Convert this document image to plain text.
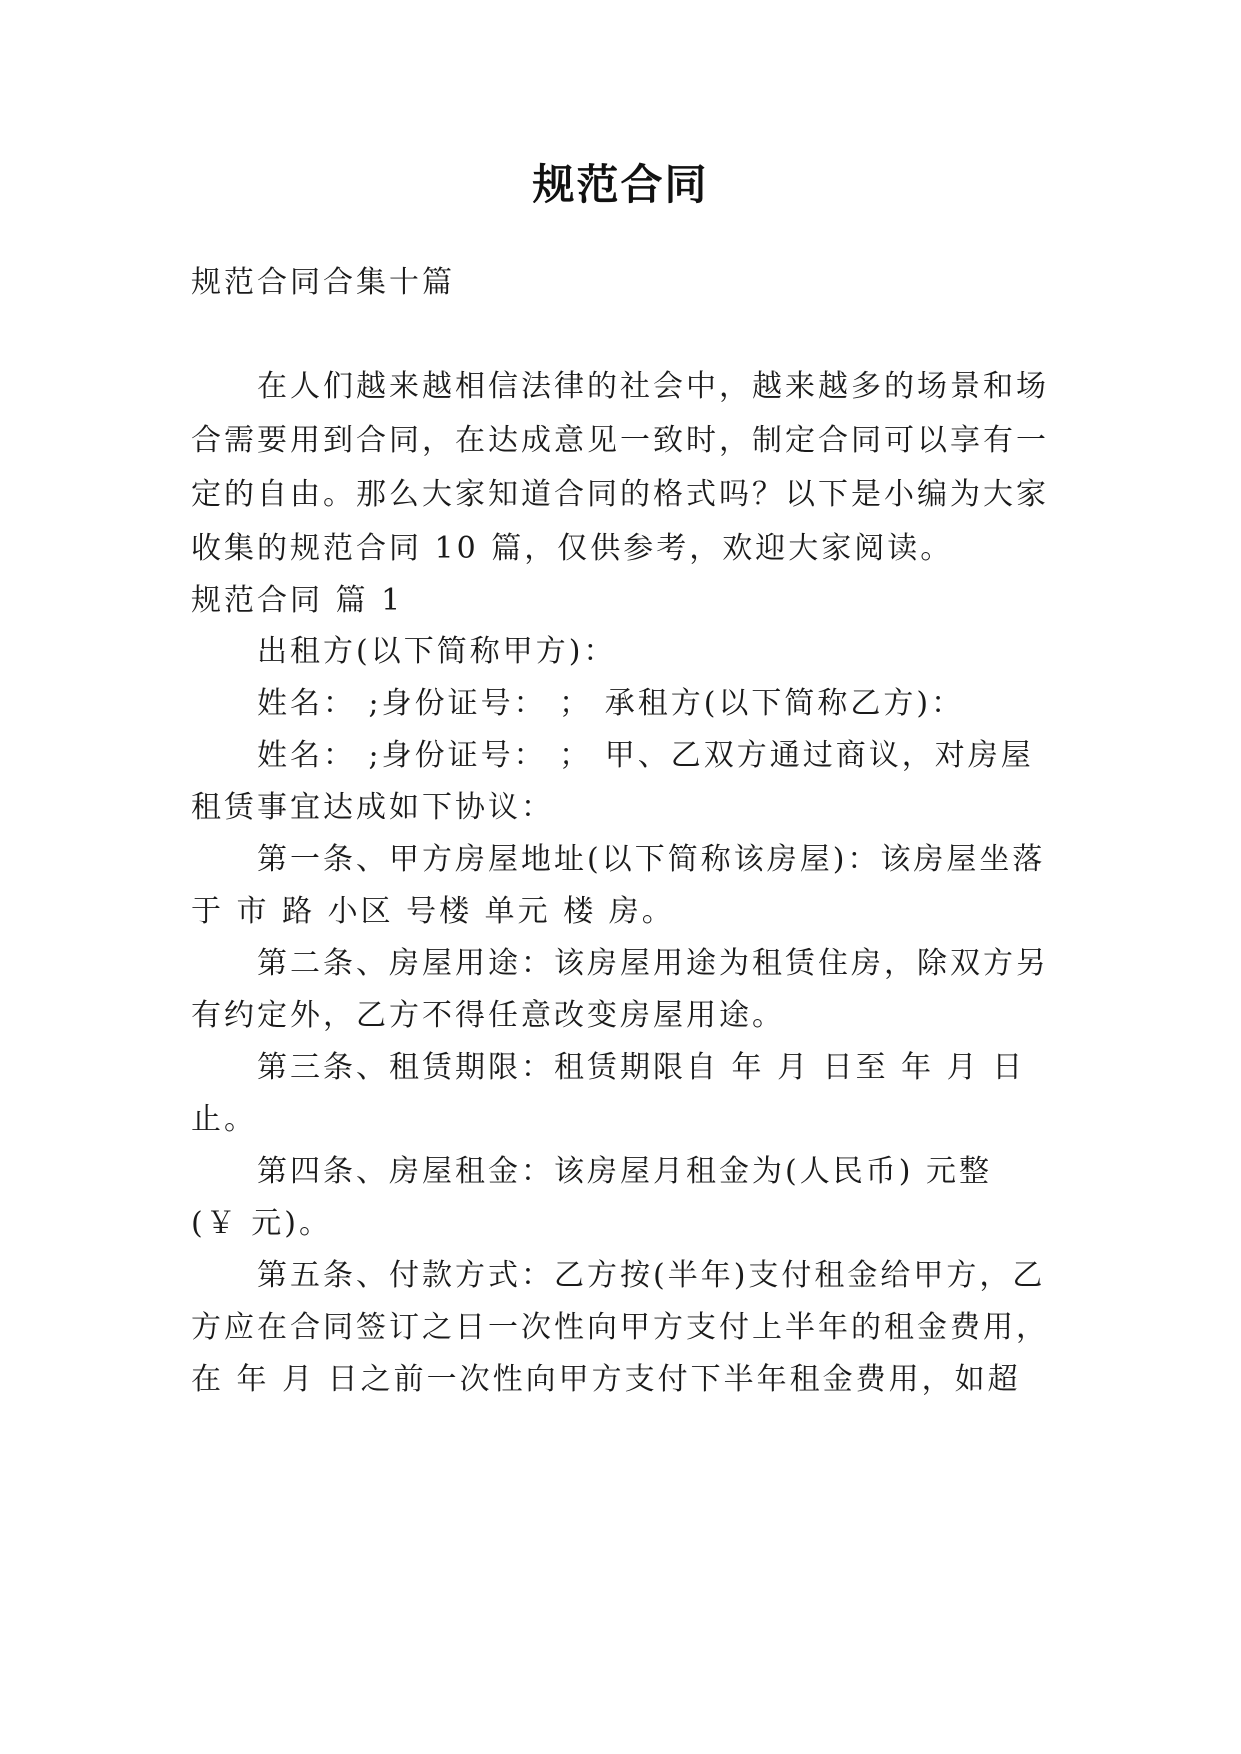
规范合同
规范合同合集十篇
在人们越来越相信法律的社会中，越来越多的场景和场
合需要用到合同，在达成意见一致时，制定合同可以享有一
定的自由。那么大家知道合同的格式吗？以下是小编为大家
收集的规范合同 10 篇，仅供参考，欢迎大家阅读。
规范合同 篇 1
出租方(以下简称甲方)：
姓名： ;身份证号： ； 承租方(以下简称乙方)：
姓名： ;身份证号： ； 甲、乙双方通过商议，对房屋
租赁事宜达成如下协议：
第一条、甲方房屋地址(以下简称该房屋)：该房屋坐落
于 市 路 小区 号楼 单元 楼 房。
第二条、房屋用途：该房屋用途为租赁住房，除双方另
有约定外，乙方不得任意改变房屋用途。
第三条、租赁期限：租赁期限自 年 月 日至 年 月 日
止。
第四条、房屋租金：该房屋月租金为(人民币) 元整
(￥ 元)。
第五条、付款方式：乙方按(半年)支付租金给甲方，乙
方应在合同签订之日一次性向甲方支付上半年的租金费用，
在 年 月 日之前一次性向甲方支付下半年租金费用，如超
